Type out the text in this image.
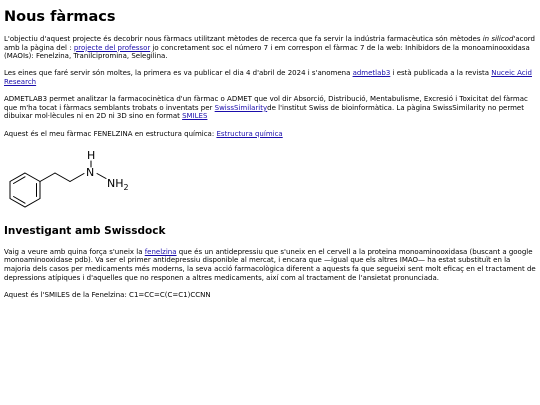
Nous fàrmacs

L'objectiu d'aquest projecte és decobrir nous fàrmacs utilitzant mètodes de recerca que fa servir la indústria farmacèutica són mètodes in silicod'acord amb la pàgina del : projecte del professor jo concretament soc el número 7 i em correspon el fàrmac 7 de la web: Inhibidors de la monoaminooxidasa (MAOIs): Fenelzina, Tranilcipromina, Selegilina.

Les eines que faré servir són moltes, la primera es va publicar el dia 4 d'abril de 2024 i s'anomena admetlab3 i està publicada a la revista Nuceic Acid Research

ADMETLAB3 permet analitzar la farmacocinètica d'un fàrmac o ADMET que vol dir Absorció, Distribució, Mentabulisme, Excresió i Toxicitat del fàrmac que m'ha tocat i fàrmacs semblants trobats o inventats per SwissSimilarityde l'institut Swiss de bioinformàtica. La pàgina SwissSimilarity no permet dibuixar mol·lècules ni en 2D ni 3D sino en format SMILES

Aquest és el meu fàrmac FENELZINA en estructura química: Estructura química

H
N
$NH_2$
Investigant amb Swissdock

Vaig a veure amb quina força s'uneix la fenelzina que és un antidepressiu que s'uneix en el cervell a la proteina monoaminooxidasa (buscant a google monoaminooxidase pdb). Va ser el primer antidepressiu disponible al mercat, i encara que —igual que els altres IMAO— ha estat substituït en la majoria dels casos per medicaments més moderns, la seva acció farmacològica diferent a aquests fa que segueixi sent molt eficaç en el tractament de depressions atípiques i d'aquelles que no responen a altres medicaments, així com al tractament de l'ansietat pronunciada.

Aquest és l'SMILES de la Fenelzina: C1=CC=C(C=C1)CCNN
